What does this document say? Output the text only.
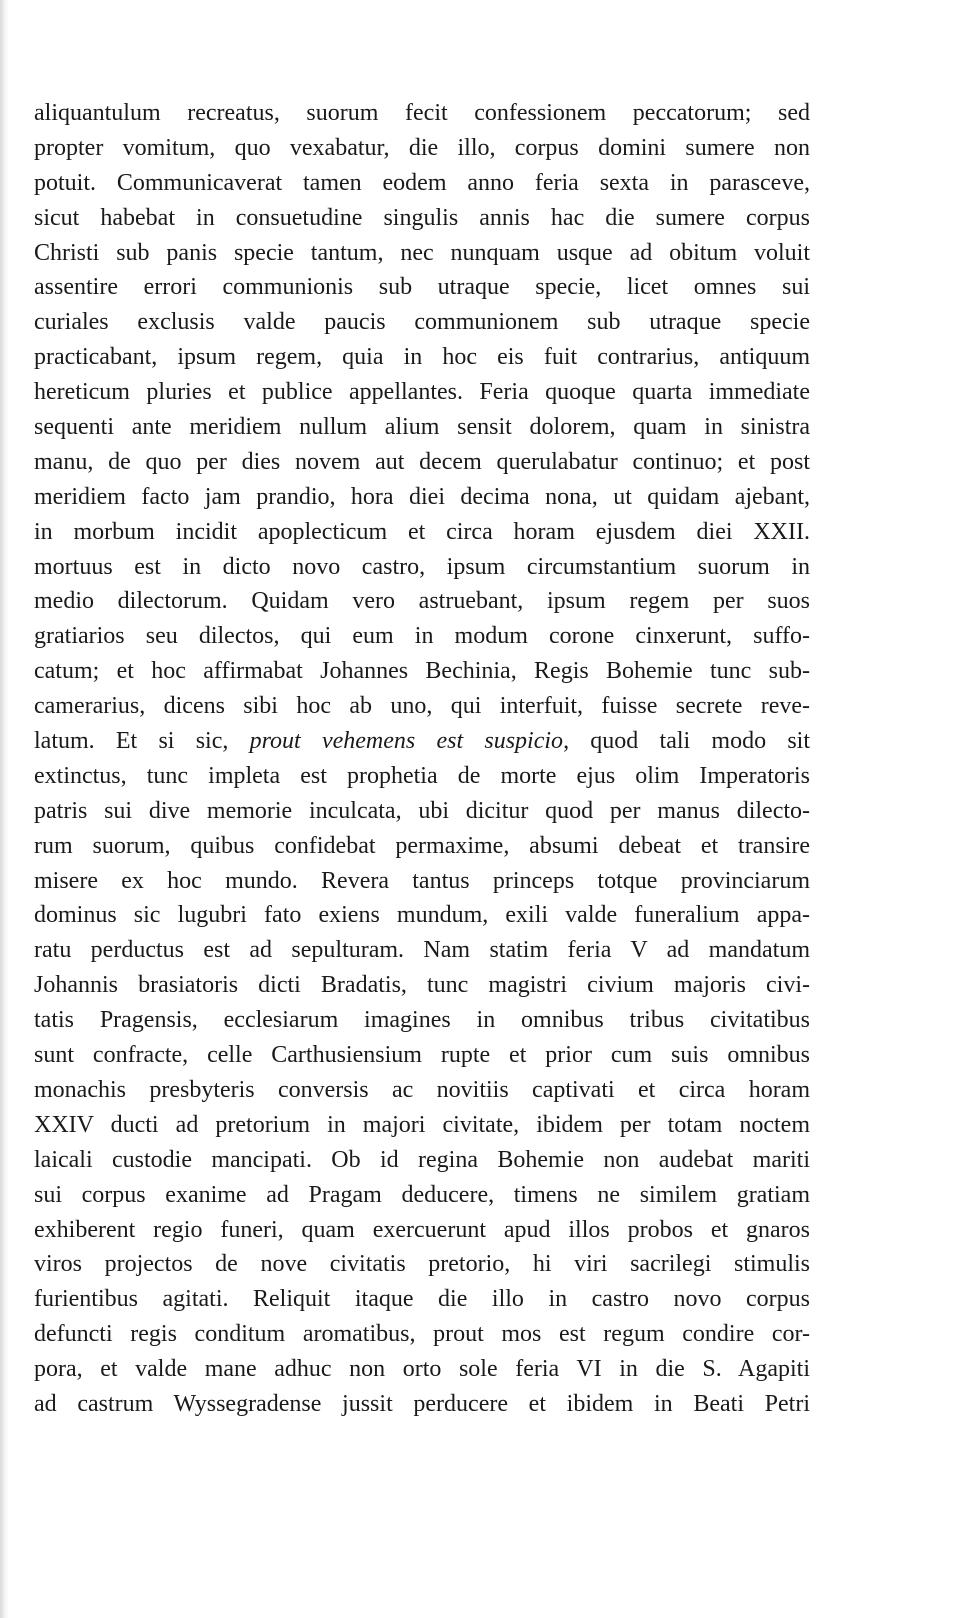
aliquantulum recreatus, suorum fecit confessionem peccatorum; sed
propter vomitum, quo vexabatur, die illo, corpus domini sumere non
potuit. Communicaverat tamen eodem anno feria sexta in parasceve,
sicut habebat in consuetudine singulis annis hac die sumere corpus
Christi sub panis specie tantum, nec nunquam usque ad obitum voluit
assentire errori communionis sub utraque specie, licet omnes sui
curiales exclusis valde paucis communionem sub utraque specie
practicabant, ipsum regem, quia in hoc eis fuit contrarius, antiquum
hereticum pluries et publice appellantes. Feria quoque quarta immediate
sequenti ante meridiem nullum alium sensit dolorem, quam in sinistra
manu, de quo per dies novem aut decem querulabatur continuo; et post
meridiem facto jam prandio, hora diei decima nona, ut quidam ajebant,
in morbum incidit apoplecticum et circa horam ejusdem diei XXII.
mortuus est in dicto novo castro, ipsum circumstantium suorum in
medio dilectorum. Quidam vero astruebant, ipsum regem per suos
gratiarios seu dilectos, qui eum in modum corone cinxerunt, suffo-
catum; et hoc affirmabat Johannes Bechinia, Regis Bohemie tunc sub-
camerarius, dicens sibi hoc ab uno, qui interfuit, fuisse secrete reve-
latum. Et si sic, prout vehemens est suspicio, quod tali modo sit
extinctus, tunc impleta est prophetia de morte ejus olim Imperatoris
patris sui dive memorie inculcata, ubi dicitur quod per manus dilecto-
rum suorum, quibus confidebat permaxime, absumi debeat et transire
misere ex hoc mundo. Revera tantus princeps totque provinciarum
dominus sic lugubri fato exiens mundum, exili valde funeralium appa-
ratu perductus est ad sepulturam. Nam statim feria V ad mandatum
Johannis brasiatoris dicti Bradatis, tunc magistri civium majoris civi-
tatis Pragensis, ecclesiarum imagines in omnibus tribus civitatibus
sunt confracte, celle Carthusiensium rupte et prior cum suis omnibus
monachis presbyteris conversis ac novitiis captivati et circa horam
XXIV ducti ad pretorium in majori civitate, ibidem per totam noctem
laicali custodie mancipati. Ob id regina Bohemie non audebat mariti
sui corpus exanime ad Pragam deducere, timens ne similem gratiam
exhiberent regio funeri, quam exercuerunt apud illos probos et gnaros
viros projectos de nove civitatis pretorio, hi viri sacrilegi stimulis
furientibus agitati. Reliquit itaque die illo in castro novo corpus
defuncti regis conditum aromatibus, prout mos est regum condire cor-
pora, et valde mane adhuc non orto sole feria VI in die S. Agapiti
ad castrum Wyssegradense jussit perducere et ibidem in Beati Petri
